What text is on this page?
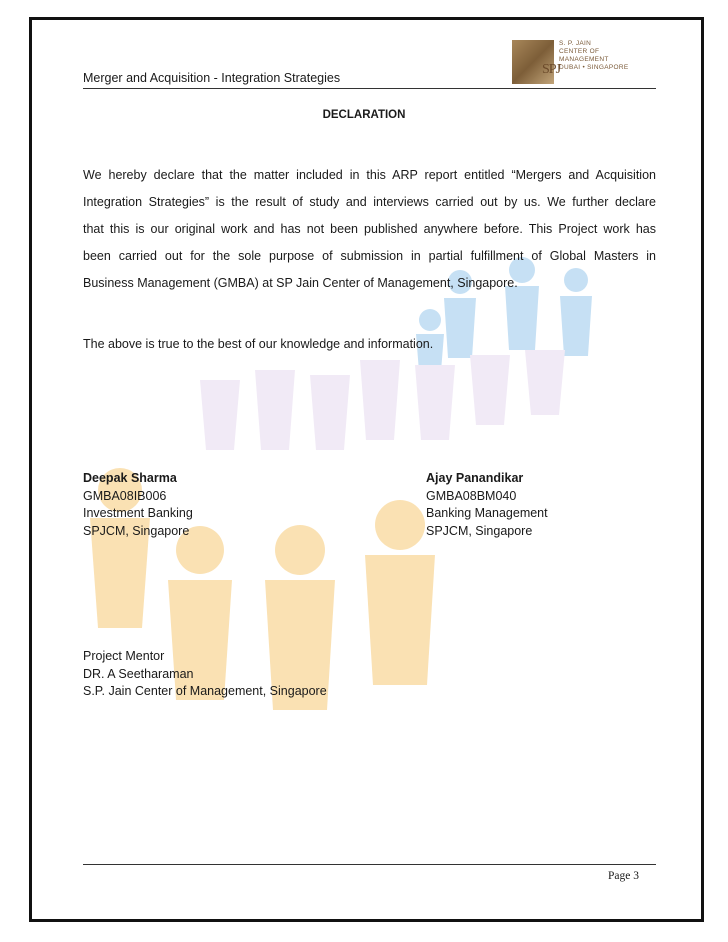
Merger and Acquisition - Integration Strategies
SPJ
S. P. JAIN
CENTER OF
MANAGEMENT
DUBAI • SINGAPORE
DECLARATION
We hereby declare that the matter included in this ARP report entitled “Mergers and Acquisition
Integration Strategies” is the result of study and interviews carried out by us. We further declare
that this is our original work and has not been published anywhere before. This Project work has
been carried out for the sole purpose of submission in partial fulfillment of Global Masters in
Business Management (GMBA) at SP Jain Center of Management, Singapore.
The above is true to the best of our knowledge and information.
Deepak Sharma
GMBA08IB006
Investment Banking
SPJCM, Singapore
Ajay Panandikar
GMBA08BM040
Banking Management
SPJCM, Singapore
Project Mentor
DR. A Seetharaman
S.P. Jain Center of Management, Singapore
Page 3
